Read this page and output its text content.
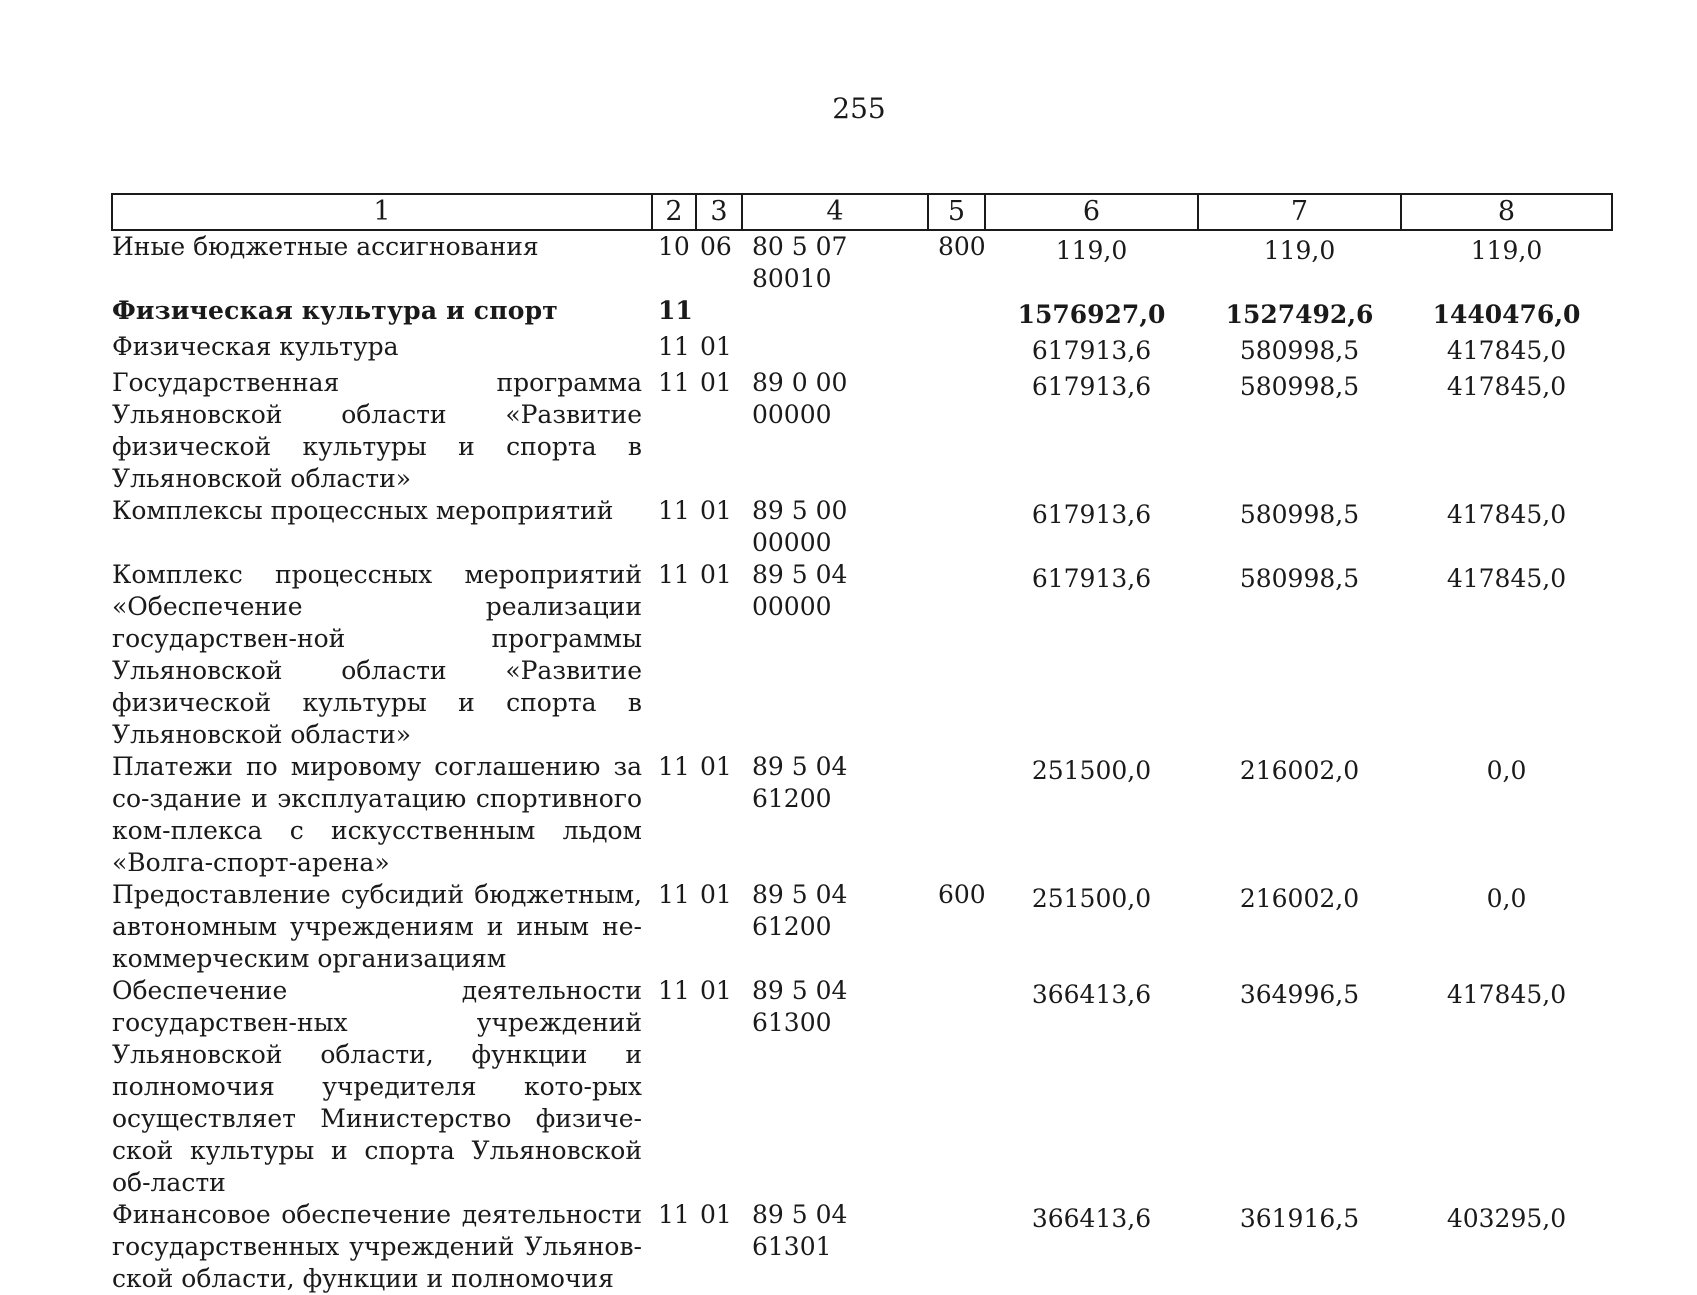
255
1	2	3	4	5	6	7	8
Иные бюджетные ассигнования	10	06	80 5 07 80010	800	119,0	119,0	119,0
Физическая культура и спорт	11				1576927,0	1527492,6	1440476,0
Физическая культура	11	01			617913,6	580998,5	417845,0
Государственная программа Ульяновской области «Развитие физической культуры и спорта в Ульяновской области»	11	01	89 0 00 00000		617913,6	580998,5	417845,0
Комплексы процессных мероприятий	11	01	89 5 00 00000		617913,6	580998,5	417845,0
Комплекс процессных мероприятий «Обеспечение реализации государствен-ной программы Ульяновской области «Развитие физической культуры и спорта в Ульяновской области»	11	01	89 5 04 00000		617913,6	580998,5	417845,0
Платежи по мировому соглашению за со-здание и эксплуатацию спортивного ком-плекса с искусственным льдом «Волга-спорт-арена»	11	01	89 5 04 61200		251500,0	216002,0	0,0
Предоставление субсидий бюджетным, автономным учреждениям и иным не-коммерческим организациям	11	01	89 5 04 61200	600	251500,0	216002,0	0,0
Обеспечение деятельности государствен-ных учреждений Ульяновской области, функции и полномочия учредителя кото-рых осуществляет Министерство физиче-ской культуры и спорта Ульяновской об-ласти	11	01	89 5 04 61300		366413,6	364996,5	417845,0
Финансовое обеспечение деятельности государственных учреждений Ульянов-ской области, функции и полномочия	11	01	89 5 04 61301		366413,6	361916,5	403295,0
